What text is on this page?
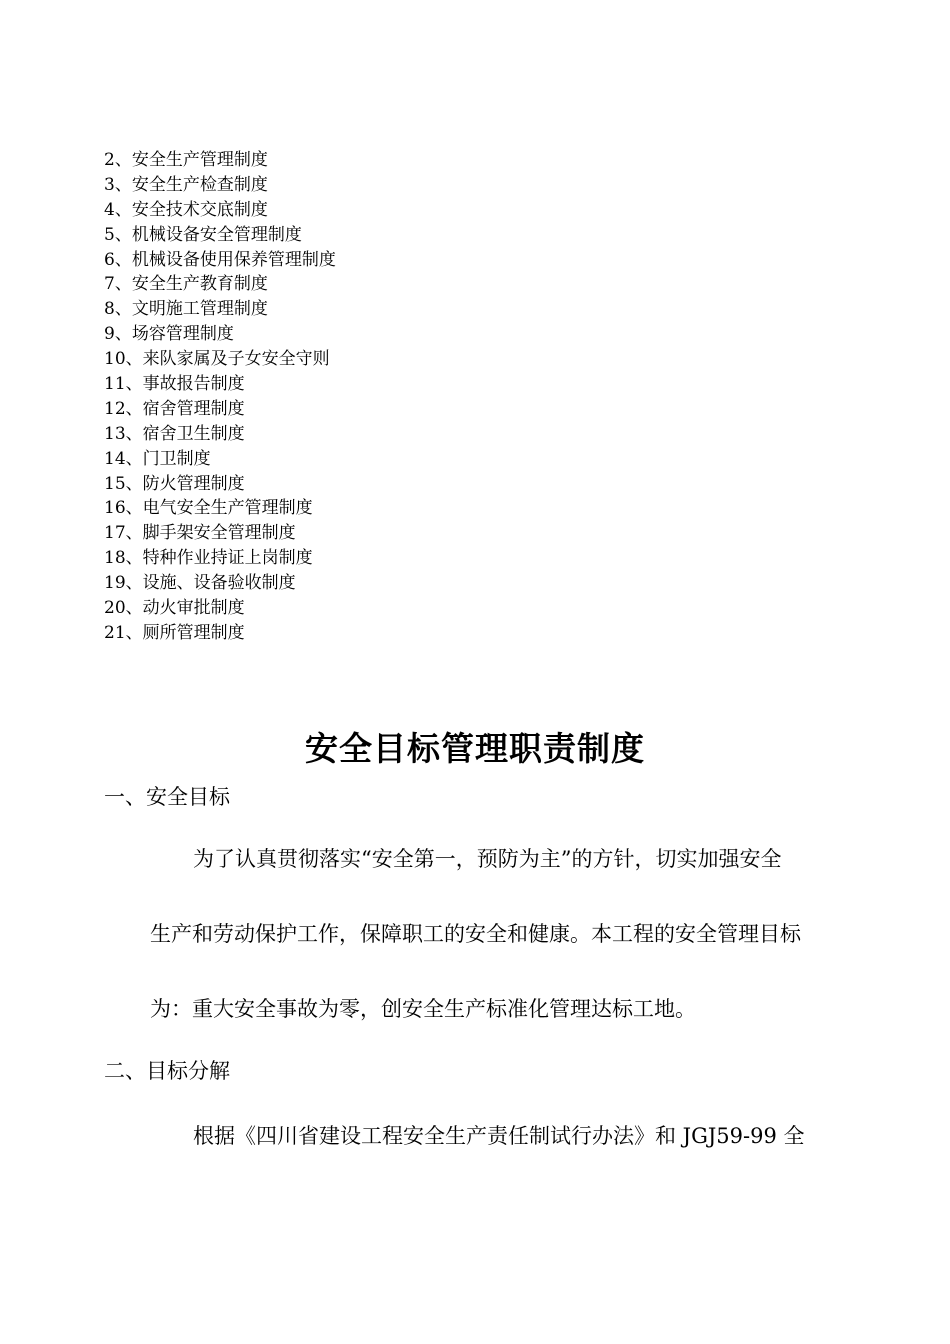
2、安全生产管理制度
3、安全生产检查制度
4、安全技术交底制度
5、机械设备安全管理制度
6、机械设备使用保养管理制度
7、安全生产教育制度
8、文明施工管理制度
9、场容管理制度
10、来队家属及子女安全守则
11、事故报告制度
12、宿舍管理制度
13、宿舍卫生制度
14、门卫制度
15、防火管理制度
16、电气安全生产管理制度
17、脚手架安全管理制度
18、特种作业持证上岗制度
19、设施、设备验收制度
20、动火审批制度
21、厕所管理制度
安全目标管理职责制度
一、安全目标

为了认真贯彻落实“安全第一，预防为主”的方针，切实加强安全

生产和劳动保护工作，保障职工的安全和健康。本工程的安全管理目标

为：重大安全事故为零，创安全生产标准化管理达标工地。

二、目标分解

根据《四川省建设工程安全生产责任制试行办法》和 JGJ59-99 全
